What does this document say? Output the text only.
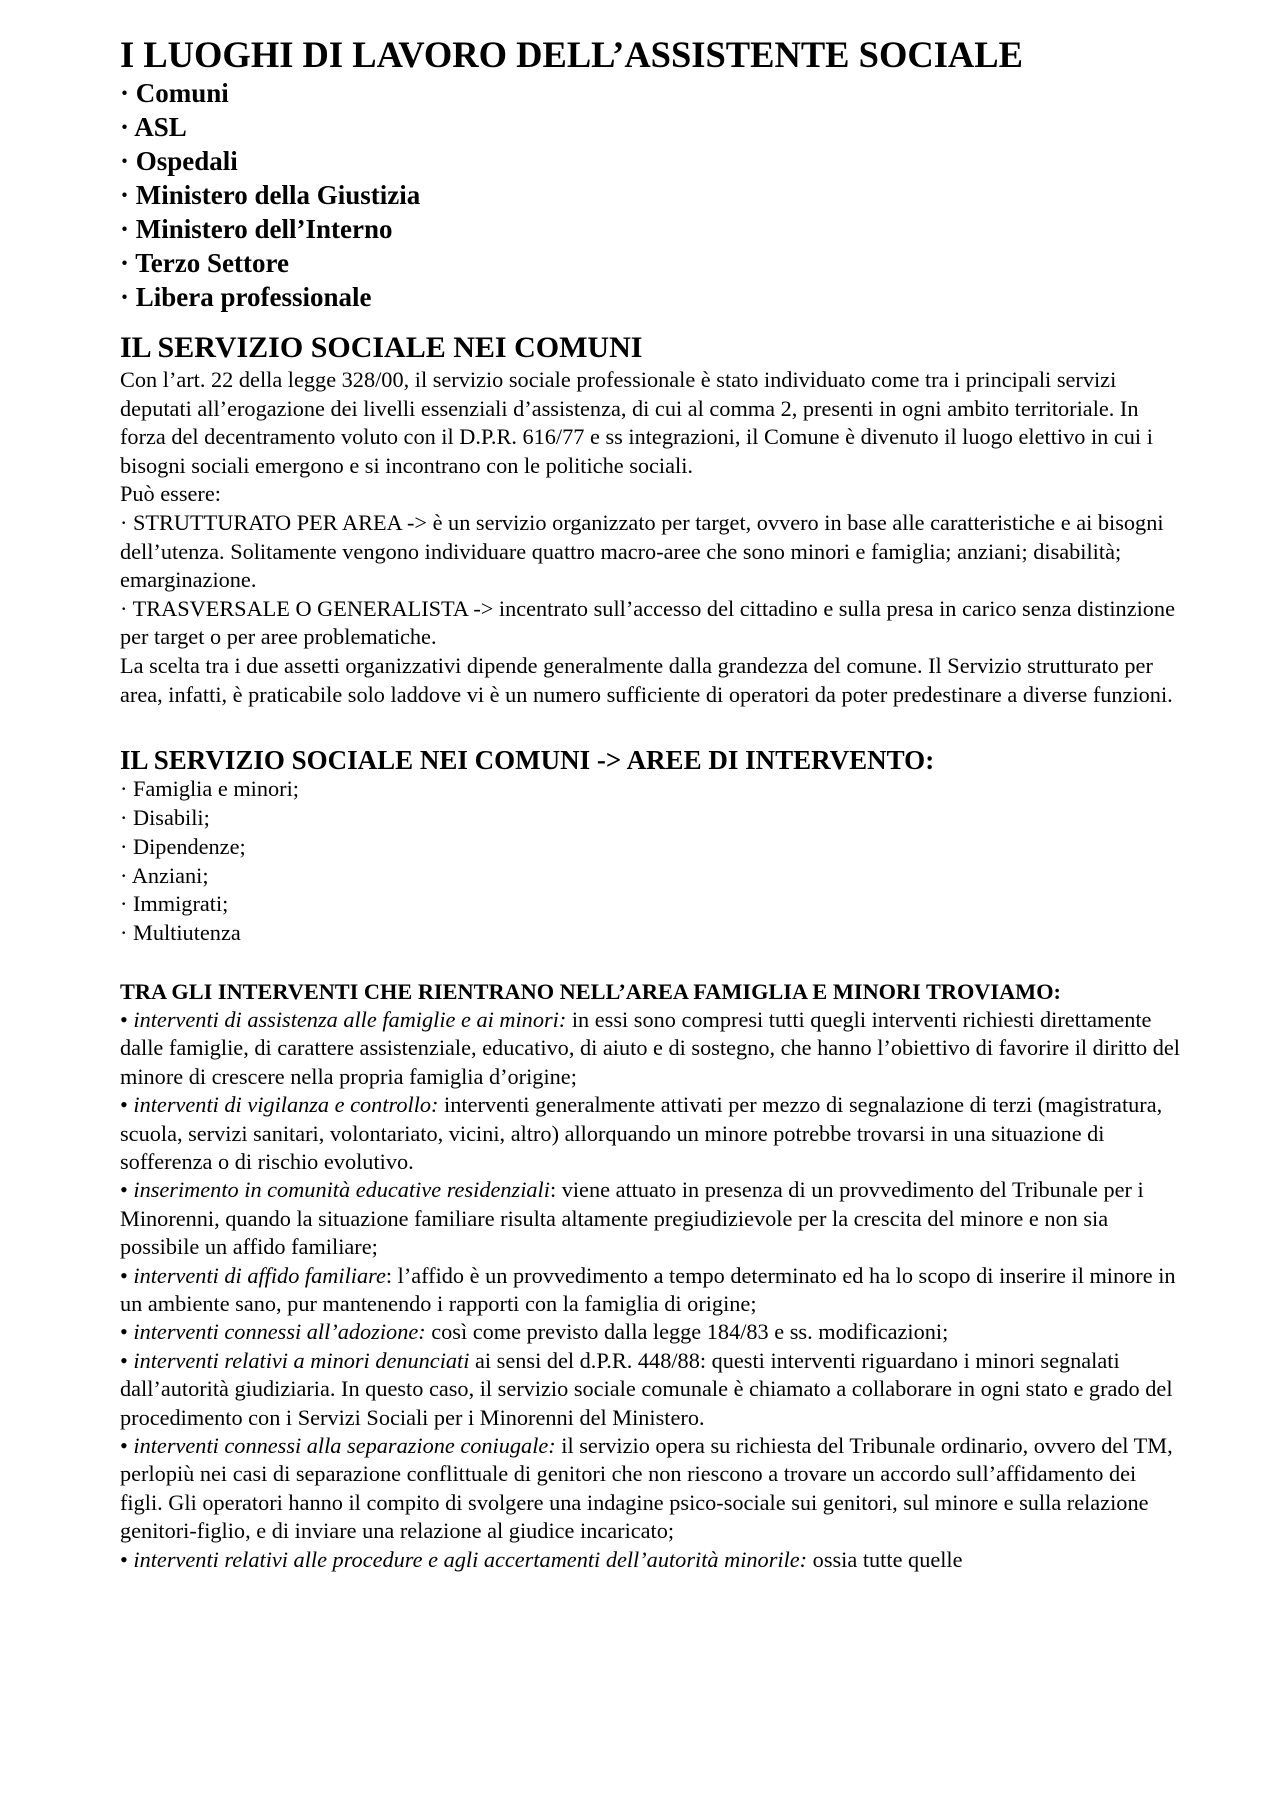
I LUOGHI DI LAVORO DELL’ASSISTENTE SOCIALE
· Comuni
· ASL
· Ospedali
· Ministero della Giustizia
· Ministero dell’Interno
· Terzo Settore
· Libera professionale
IL SERVIZIO SOCIALE NEI COMUNI

Con l’art. 22 della legge 328/00, il servizio sociale professionale è stato individuato come tra i principali servizi deputati all’erogazione dei livelli essenziali d’assistenza, di cui al comma 2, presenti in ogni ambito territoriale. In forza del decentramento voluto con il D.P.R. 616/77 e ss integrazioni, il Comune è divenuto il luogo elettivo in cui i bisogni sociali emergono e si incontrano con le politiche sociali.

Può essere:

· STRUTTURATO PER AREA -> è un servizio organizzato per target, ovvero in base alle caratteristiche e ai bisogni dell’utenza. Solitamente vengono individuare quattro macro-aree che sono minori e famiglia; anziani; disabilità; emarginazione.

· TRASVERSALE O GENERALISTA -> incentrato sull’accesso del cittadino e sulla presa in carico senza distinzione per target o per aree problematiche.

La scelta tra i due assetti organizzativi dipende generalmente dalla grandezza del comune. Il Servizio strutturato per area, infatti, è praticabile solo laddove vi è un numero sufficiente di operatori da poter predestinare a diverse funzioni.

IL SERVIZIO SOCIALE NEI COMUNI -> AREE DI INTERVENTO:
· Famiglia e minori;
· Disabili;
· Dipendenze;
· Anziani;
· Immigrati;
· Multiutenza
TRA GLI INTERVENTI CHE RIENTRANO NELL’AREA FAMIGLIA E MINORI TROVIAMO:
• interventi di assistenza alle famiglie e ai minori: in essi sono compresi tutti quegli interventi richiesti direttamente dalle famiglie, di carattere assistenziale, educativo, di aiuto e di sostegno, che hanno l’obiettivo di favorire il diritto del minore di crescere nella propria famiglia d’origine;
• interventi di vigilanza e controllo: interventi generalmente attivati per mezzo di segnalazione di terzi (magistratura, scuola, servizi sanitari, volontariato, vicini, altro) allorquando un minore potrebbe trovarsi in una situazione di sofferenza o di rischio evolutivo.
• inserimento in comunità educative residenziali: viene attuato in presenza di un provvedimento del Tribunale per i Minorenni, quando la situazione familiare risulta altamente pregiudizievole per la crescita del minore e non sia possibile un affido familiare;
• interventi di affido familiare: l’affido è un provvedimento a tempo determinato ed ha lo scopo di inserire il minore in un ambiente sano, pur mantenendo i rapporti con la famiglia di origine;
• interventi connessi all’adozione: così come previsto dalla legge 184/83 e ss. modificazioni;
• interventi relativi a minori denunciati ai sensi del d.P.R. 448/88: questi interventi riguardano i minori segnalati dall’autorità giudiziaria. In questo caso, il servizio sociale comunale è chiamato a collaborare in ogni stato e grado del procedimento con i Servizi Sociali per i Minorenni del Ministero.
• interventi connessi alla separazione coniugale: il servizio opera su richiesta del Tribunale ordinario, ovvero del TM, perlopiù nei casi di separazione conflittuale di genitori che non riescono a trovare un accordo sull’affidamento dei figli. Gli operatori hanno il compito di svolgere una indagine psico-sociale sui genitori, sul minore e sulla relazione genitori-figlio, e di inviare una relazione al giudice incaricato;
• interventi relativi alle procedure e agli accertamenti dell’autorità minorile: ossia tutte quelle
